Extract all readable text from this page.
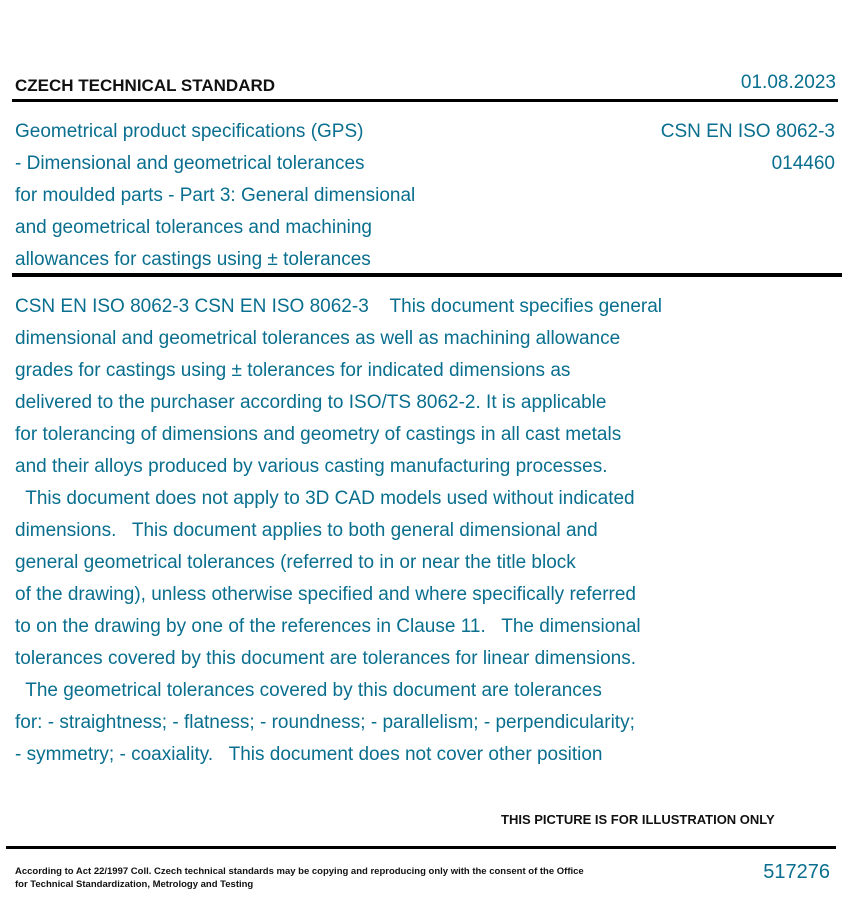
CZECH TECHNICAL STANDARD	01.08.2023
Geometrical product specifications (GPS)
- Dimensional and geometrical tolerances
for moulded parts - Part 3: General dimensional
and geometrical tolerances and machining
allowances for castings using ± tolerances
CSN EN ISO 8062-3
014460
CSN EN ISO 8062-3 CSN EN ISO 8062-3    This document specifies general
dimensional and geometrical tolerances as well as machining allowance
grades for castings using ± tolerances for indicated dimensions as
delivered to the purchaser according to ISO/TS 8062-2. It is applicable
for tolerancing of dimensions and geometry of castings in all cast metals
and their alloys produced by various casting manufacturing processes.
This document does not apply to 3D CAD models used without indicated
dimensions.   This document applies to both general dimensional and
general geometrical tolerances (referred to in or near the title block
of the drawing), unless otherwise specified and where specifically referred
to on the drawing by one of the references in Clause 11.   The dimensional
tolerances covered by this document are tolerances for linear dimensions.
The geometrical tolerances covered by this document are tolerances
for: - straightness; - flatness; - roundness; - parallelism; - perpendicularity;
- symmetry; - coaxiality.   This document does not cover other position
THIS PICTURE IS FOR ILLUSTRATION ONLY
According to Act 22/1997 Coll. Czech technical standards may be copying and reproducing only with the consent of the Office
for Technical Standardization, Metrology and Testing
517276
